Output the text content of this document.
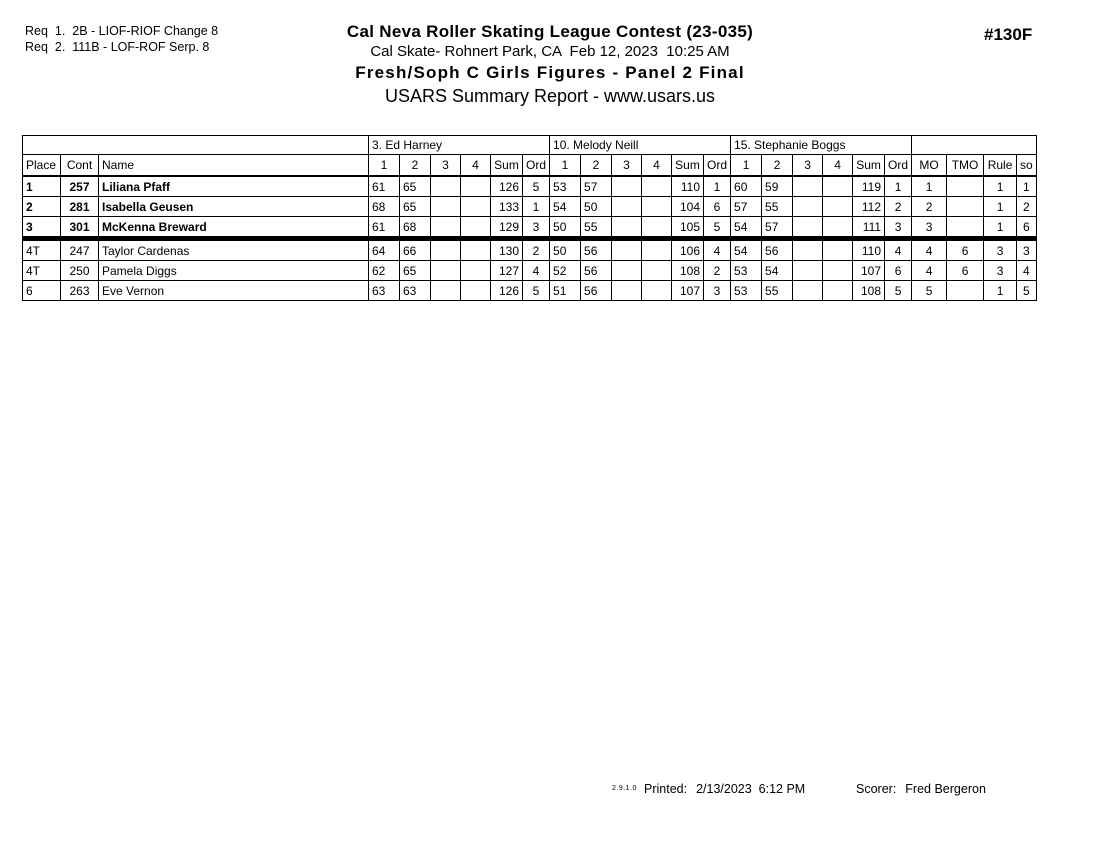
Req  1.  2B - LIOF-RIOF Change 8
Req  2.  111B - LOF-ROF Serp. 8
Cal Neva Roller Skating League Contest (23-035)
Cal Skate- Rohnert Park, CA  Feb 12, 2023  10:25 AM
Fresh/Soph C Girls Figures - Panel 2 Final
USARS Summary Report - www.usars.us
#130F
			3. Ed Harney						10. Melody Neill						15. Stephanie Boggs									
Place	Cont	Name	1	2	3	4	Sum	Ord	1	2	3	4	Sum	Ord	1	2	3	4	Sum	Ord	MO	TMO	Rule	so
1	257	Liliana Pfaff	61	65			126	5	53	57			110	1	60	59			119	1	1		1	1
2	281	Isabella Geusen	68	65			133	1	54	50			104	6	57	55			112	2	2		1	2
3	301	McKenna Breward	61	68			129	3	50	55			105	5	54	57			111	3	3		1	6
4T	247	Taylor Cardenas	64	66			130	2	50	56			106	4	54	56			110	4	4	6	3	3
4T	250	Pamela Diggs	62	65			127	4	52	56			108	2	53	54			107	6	4	6	3	4
6	263	Eve Vernon	63	63			126	5	51	56			107	3	53	55			108	5	5		1	5
2.9.1.0 Printed: 2/13/2023  6:12 PM	Scorer: Fred Bergeron
